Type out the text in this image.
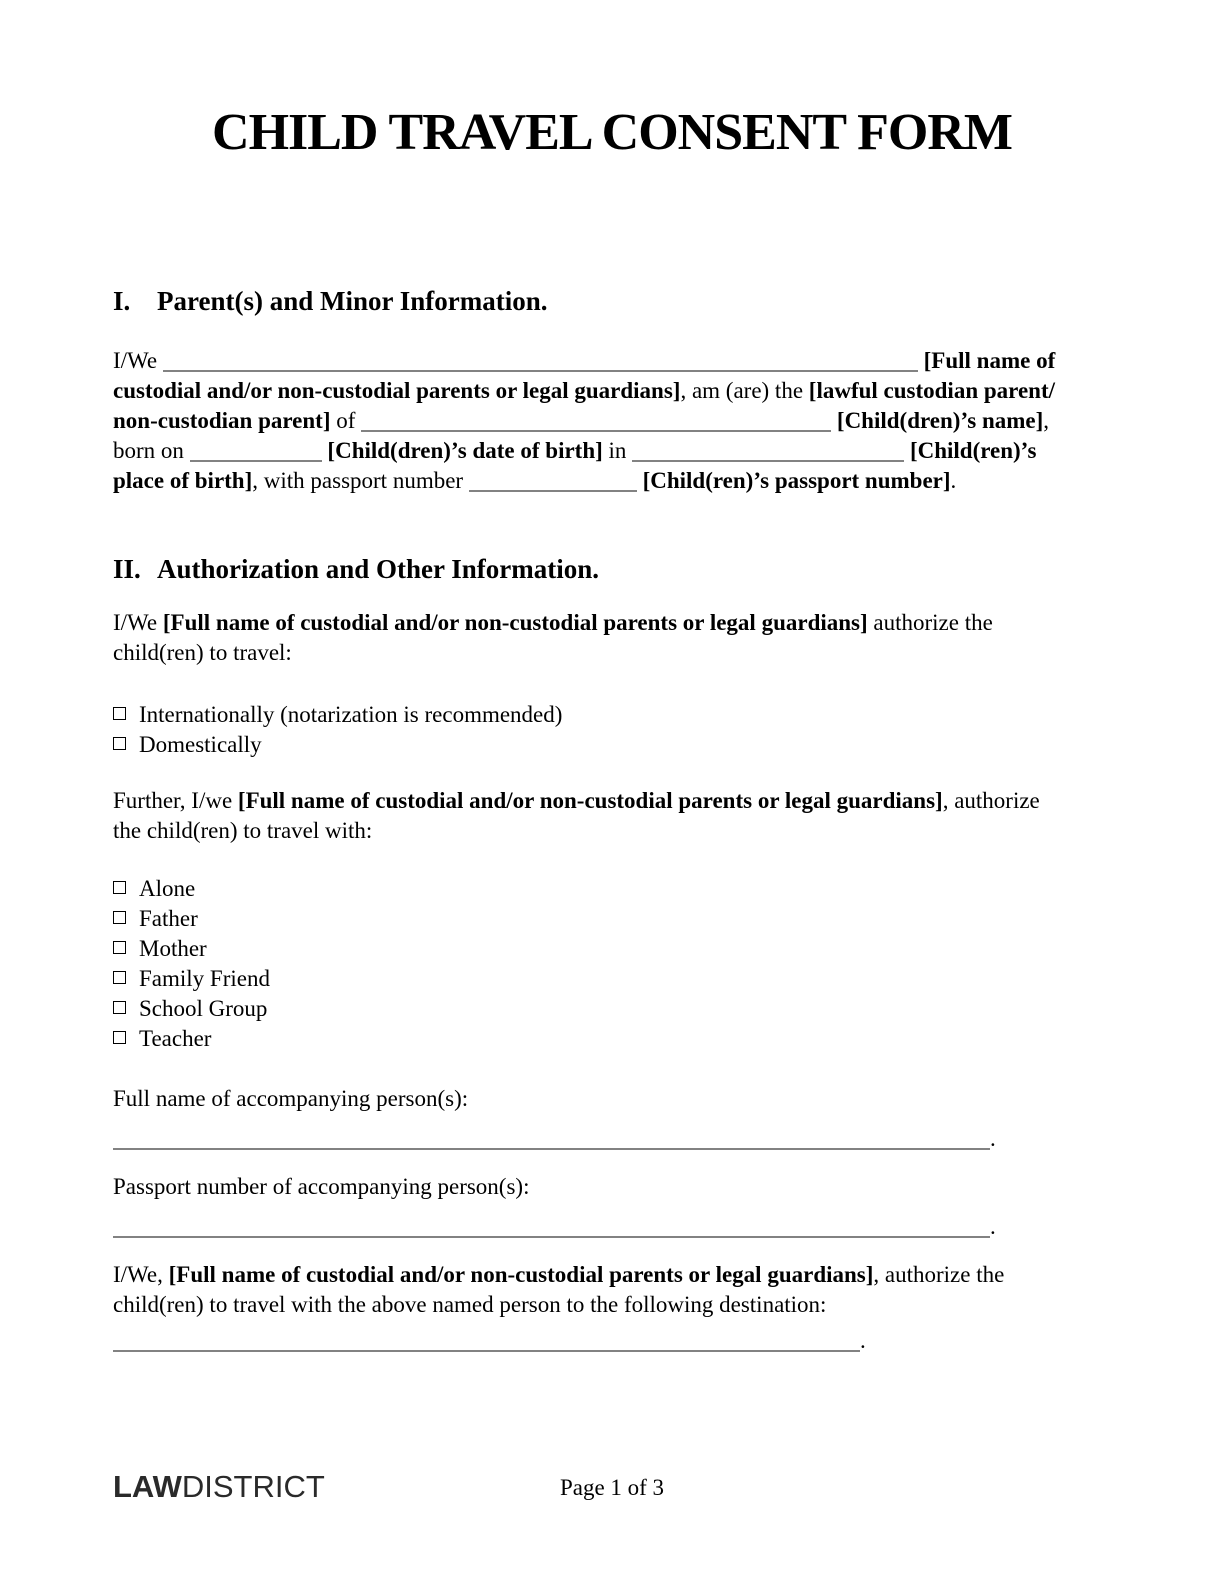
CHILD TRAVEL CONSENT FORM
I. Parent(s) and Minor Information.
I/We	[Full name of
custodial and/or non-custodial parents or legal guardians], am (are) the [lawful custodian parent/
non-custodian parent] of	[Child(dren)’s name],
born on	[Child(dren)’s date of birth] in	[Child(ren)’s
place of birth], with passport number	[Child(ren)’s passport number].
II. Authorization and Other Information.
I/We [Full name of custodial and/or non-custodial parents or legal guardians] authorize the
child(ren) to travel:
Internationally (notarization is recommended)
Domestically
Further, I/we [Full name of custodial and/or non-custodial parents or legal guardians], authorize
the child(ren) to travel with:
Alone
Father
Mother
Family Friend
School Group
Teacher
Full name of accompanying person(s):
.
Passport number of accompanying person(s):
.
I/We, [Full name of custodial and/or non-custodial parents or legal guardians], authorize the
child(ren) to travel with the above named person to the following destination:
.
LAWDISTRICT	Page 1 of 3
